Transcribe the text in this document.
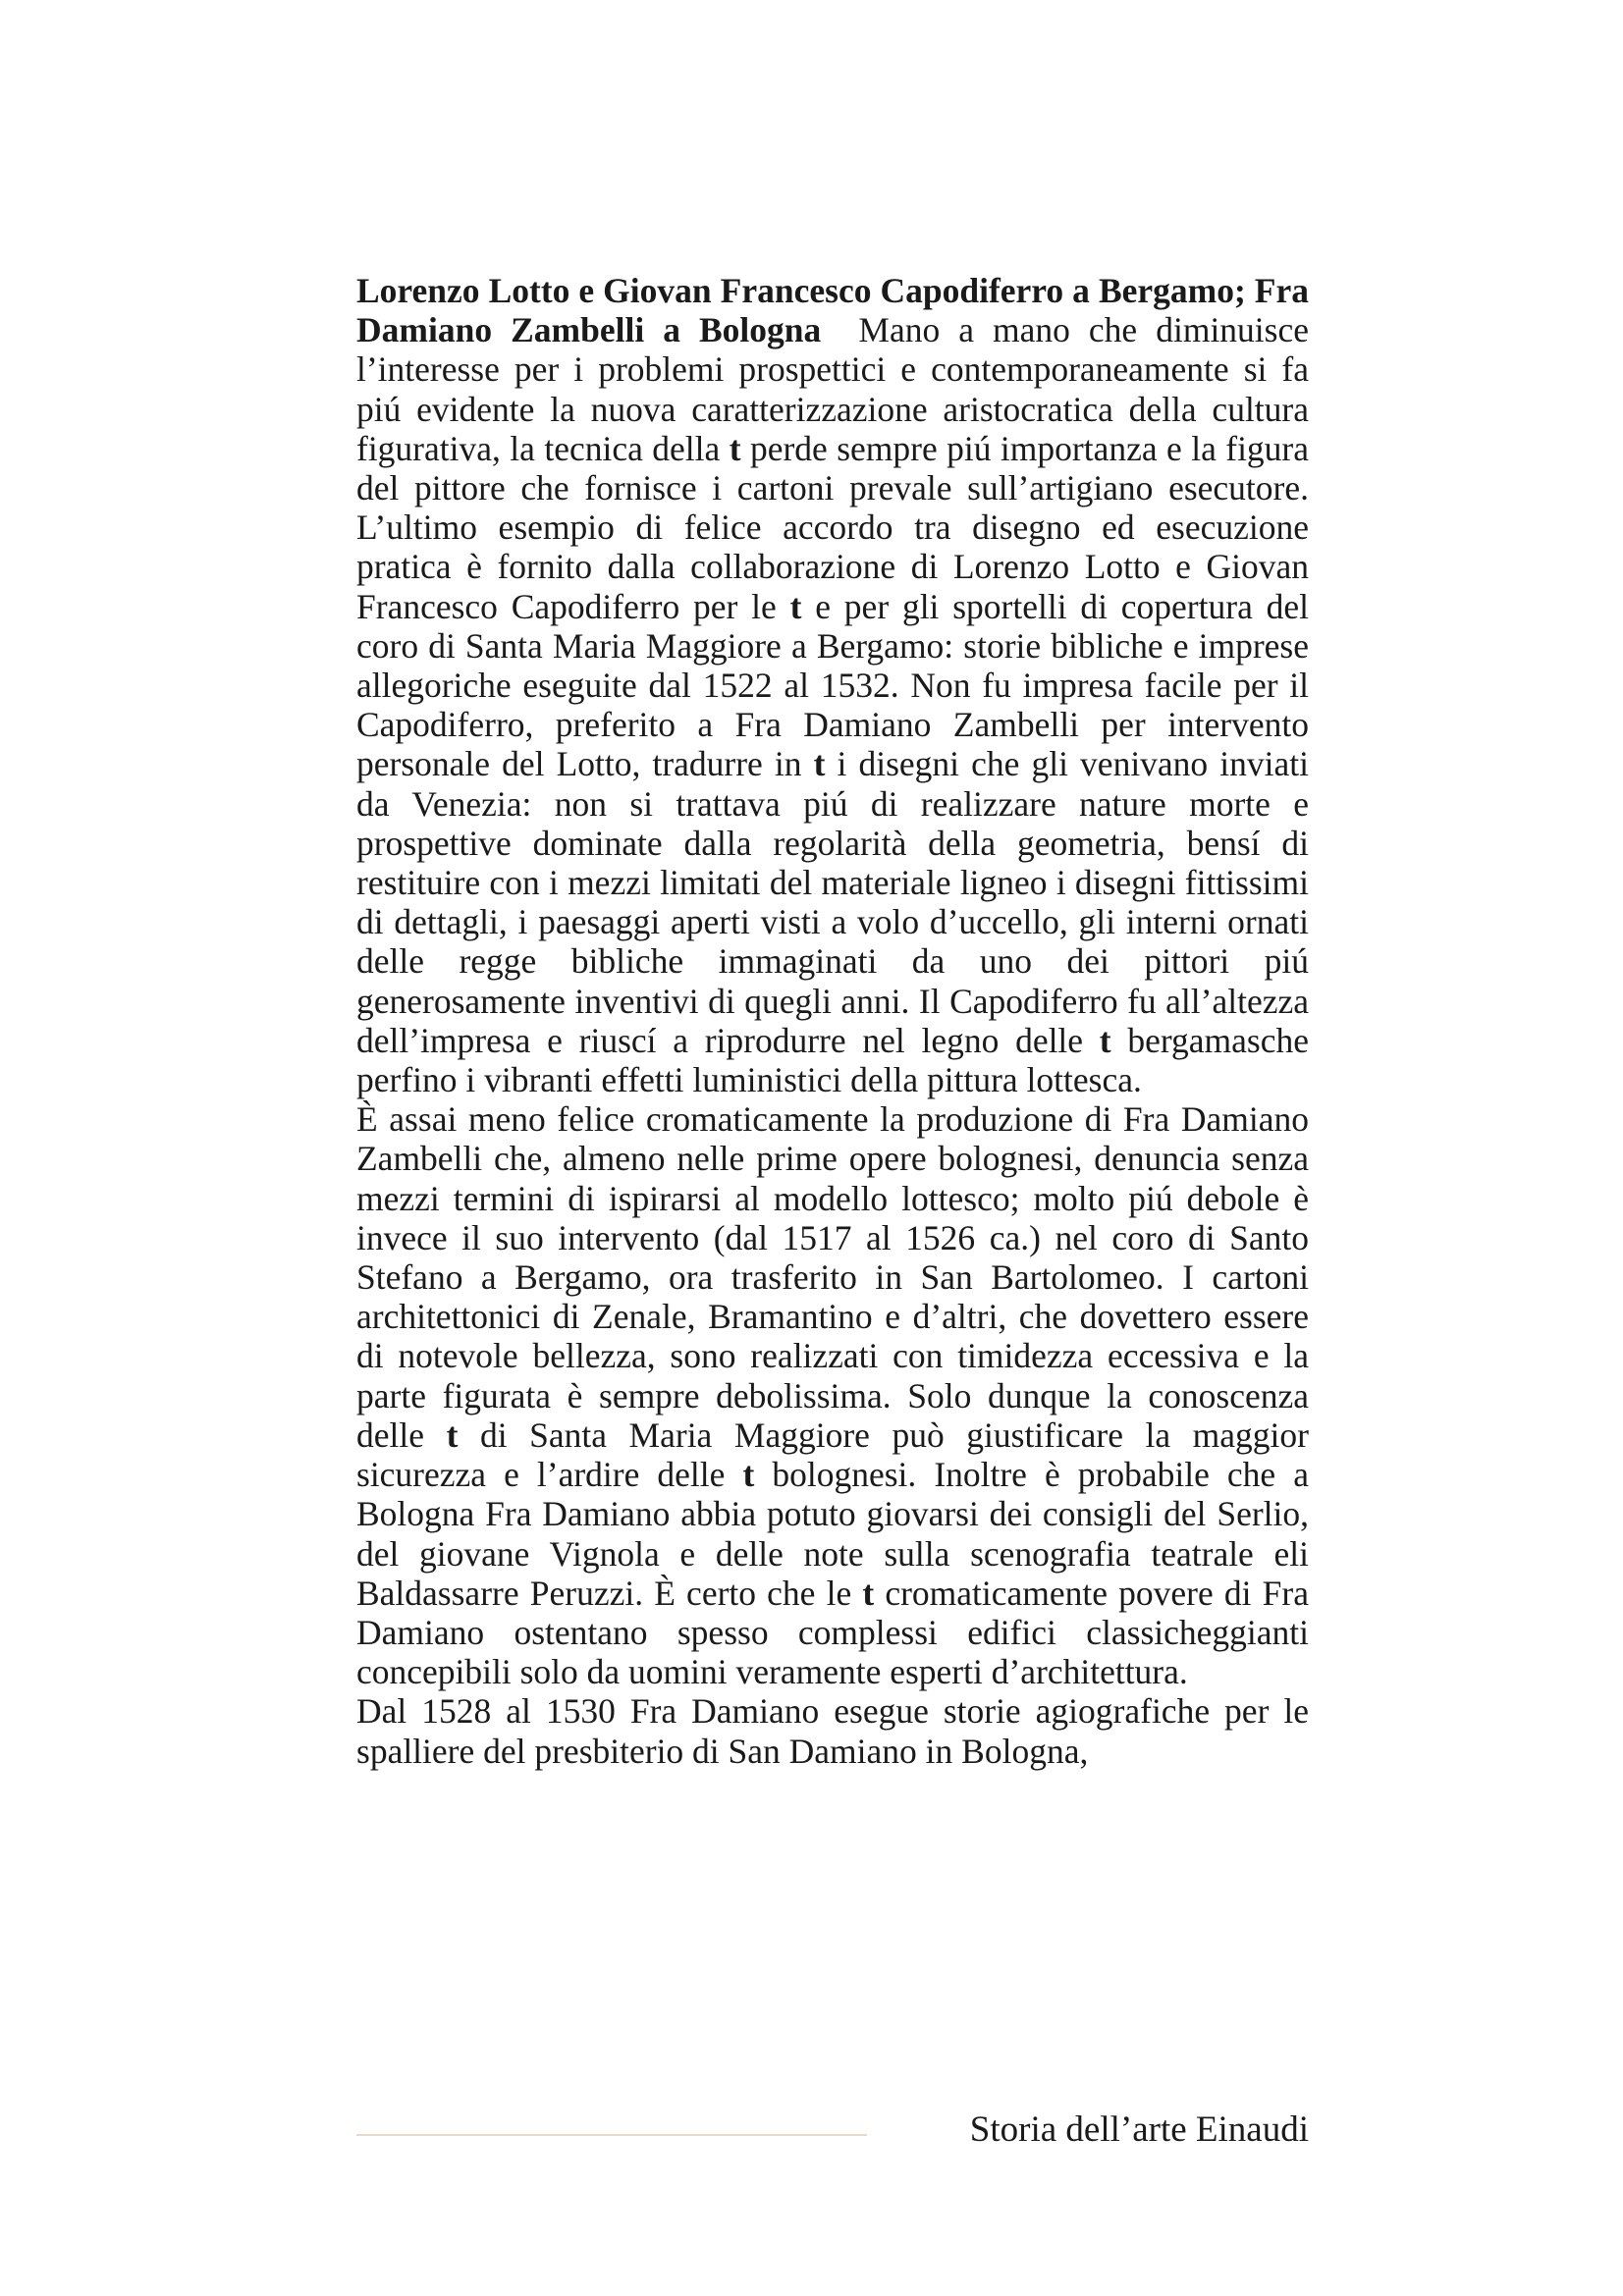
Lorenzo Lotto e Giovan Francesco Capodiferro a Bergamo; Fra Damiano Zambelli a Bologna Mano a mano che diminuisce l’interesse per i problemi prospettici e contemporaneamente si fa piú evidente la nuova caratterizzazione aristocratica della cultura figurativa, la tecnica della t perde sempre piú importanza e la figura del pittore che fornisce i cartoni prevale sull’artigiano esecutore. L’ultimo esempio di felice accordo tra disegno ed esecuzione pratica è fornito dalla collaborazione di Lorenzo Lotto e Giovan Francesco Capodiferro per le t e per gli sportelli di copertura del coro di Santa Maria Maggiore a Bergamo: storie bibliche e imprese allegoriche eseguite dal 1522 al 1532. Non fu impresa facile per il Capodiferro, preferito a Fra Damiano Zambelli per intervento personale del Lotto, tradurre in t i disegni che gli venivano inviati da Venezia: non si trattava piú di realizzare nature morte e prospettive dominate dalla regolarità della geometria, bensí di restituire con i mezzi limitati del materiale ligneo i disegni fittissimi di dettagli, i paesaggi aperti visti a volo d’uccello, gli interni ornati delle regge bibliche immaginati da uno dei pittori piú generosamente inventivi di quegli anni. Il Capodiferro fu all’altezza dell’impresa e riuscí a riprodurre nel legno delle t bergamasche perfino i vibranti effetti luministici della pittura lottesca.

È assai meno felice cromaticamente la produzione di Fra Damiano Zambelli che, almeno nelle prime opere bolognesi, denuncia senza mezzi termini di ispirarsi al modello lottesco; molto piú debole è invece il suo intervento (dal 1517 al 1526 ca.) nel coro di Santo Stefano a Bergamo, ora trasferito in San Bartolomeo. I cartoni architettonici di Zenale, Bramantino e d’altri, che dovettero essere di notevole bellezza, sono realizzati con timidezza eccessiva e la parte figurata è sempre debolissima. Solo dunque la conoscenza delle t di Santa Maria Maggiore può giustificare la maggior sicurezza e l’ardire delle t bolognesi. Inoltre è probabile che a Bologna Fra Damiano abbia potuto giovarsi dei consigli del Serlio, del giovane Vignola e delle note sulla scenografia teatrale eli Baldassarre Peruzzi. È certo che le t cromaticamente povere di Fra Damiano ostentano spesso complessi edifici classicheggianti concepibili solo da uomini veramente esperti d’architettura.

Dal 1528 al 1530 Fra Damiano esegue storie agiografiche per le spalliere del presbiterio di San Damiano in Bologna,

Storia dell’arte Einaudi
